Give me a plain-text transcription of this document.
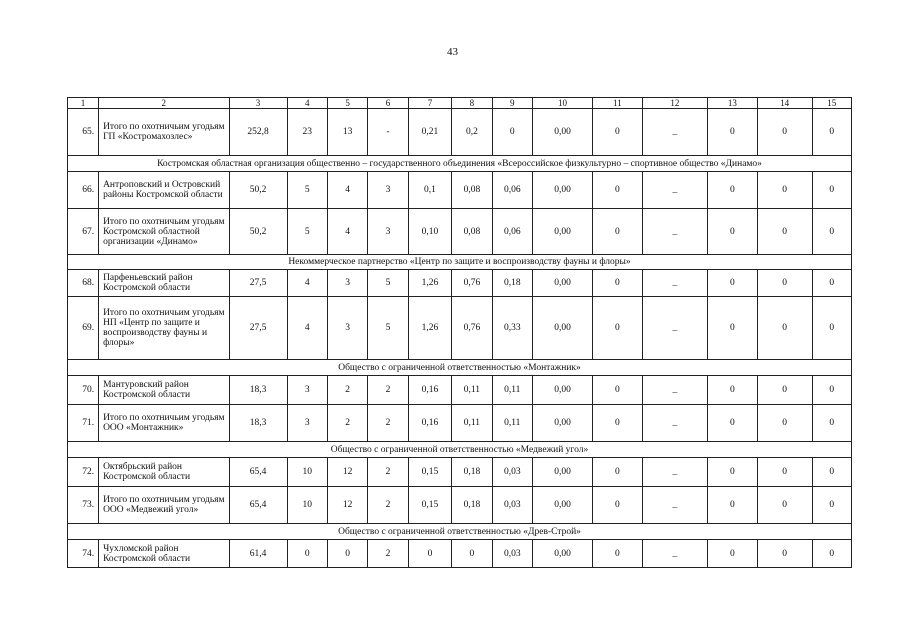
43
1	2	3	4	5	6	7	8	9	10	11	12	13	14	15
65.	Итого по охотничьим угодьям ГП «Костромахозлес»	252,8	23	13	-	0,21	0,2	0	0,00	0	_	0	0	0
Костромская областная организация общественно – государственного объединения «Всероссийское физкультурно – спортивное общество «Динамо»														
66.	Антроповский и Островский районы Костромской области	50,2	5	4	3	0,1	0,08	0,06	0,00	0	_	0	0	0
67.	Итого по охотничьим угодьям Костромской областной организации «Динамо»	50,2	5	4	3	0,10	0,08	0,06	0,00	0	_	0	0	0
Некоммерческое партнерство «Центр по защите и воспроизводству фауны и флоры»														
68.	Парфеньевский район Костромской области	27,5	4	3	5	1,26	0,76	0,18	0,00	0	_	0	0	0
69.	Итого по охотничьим угодьям НП «Центр по защите и воспроизводству фауны и флоры»	27,5	4	3	5	1,26	0,76	0,33	0,00	0	_	0	0	0
Общество с ограниченной ответственностью «Монтажник»														
70.	Мантуровский район Костромской области	18,3	3	2	2	0,16	0,11	0,11	0,00	0	_	0	0	0
71.	Итого по охотничьим угодьям ООО «Монтажник»	18,3	3	2	2	0,16	0,11	0,11	0,00	0	_	0	0	0
Общество с ограниченной ответственностью «Медвежий угол»														
72.	Октябрьский район Костромской области	65,4	10	12	2	0,15	0,18	0,03	0,00	0	_	0	0	0
73.	Итого по охотничьим угодьям ООО «Медвежий угол»	65,4	10	12	2	0,15	0,18	0,03	0,00	0	_	0	0	0
Общество с ограниченной ответственностью «Древ-Строй»														
74.	Чухломской район Костромской области	61,4	0	0	2	0	0	0,03	0,00	0	_	0	0	0
